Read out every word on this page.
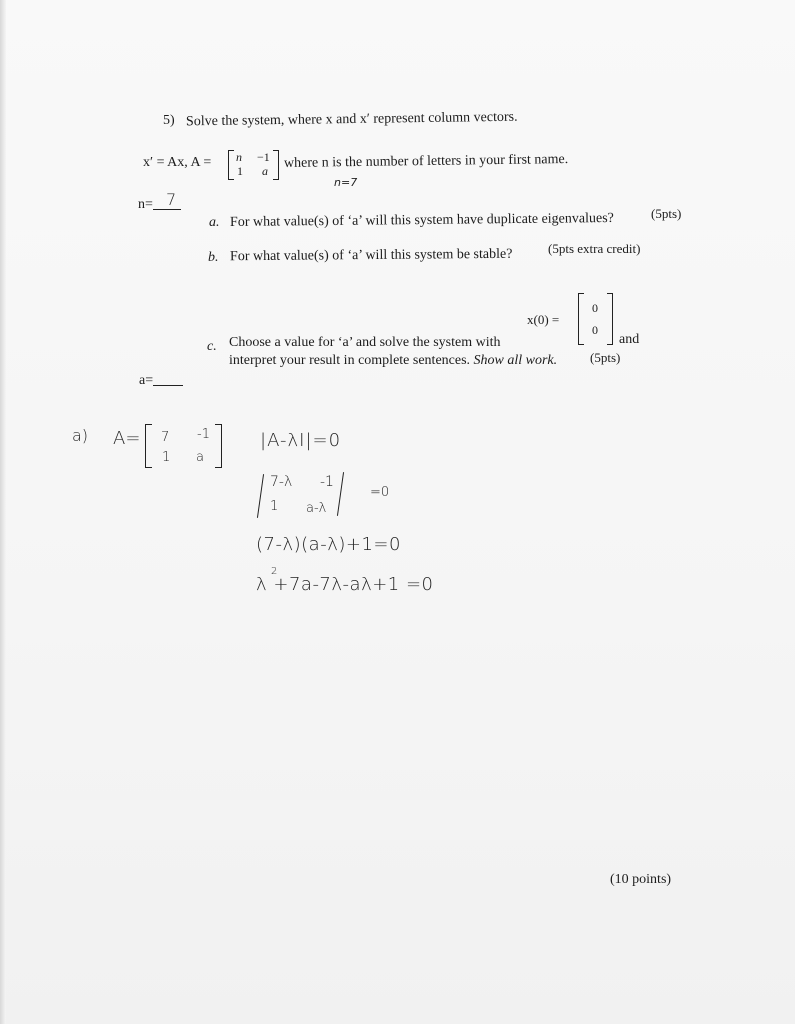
5) Solve the system, where x and x′ represent column vectors.
x′ = Ax, A = n −1
1 a
where n is the number of letters in your first name.
n=
a. For what value(s) of ‘a’ will this system have duplicate eigenvalues?	(5pts)
b. For what value(s) of ‘a’ will this system be stable?	(5pts extra credit)
x(0) =
0
0
c. Choose a value for ‘a’ and solve the system with	and
interpret your result in complete sentences. Show all work.	(5pts)
a=
(10 points)
7
n=7
a) A= 7 -1
1 a
|A-λI|=0
7-λ -1
1 a-λ
=0
(7-λ)(a-λ)+1=0
2
λ +7a-7λ-aλ+1 =0
